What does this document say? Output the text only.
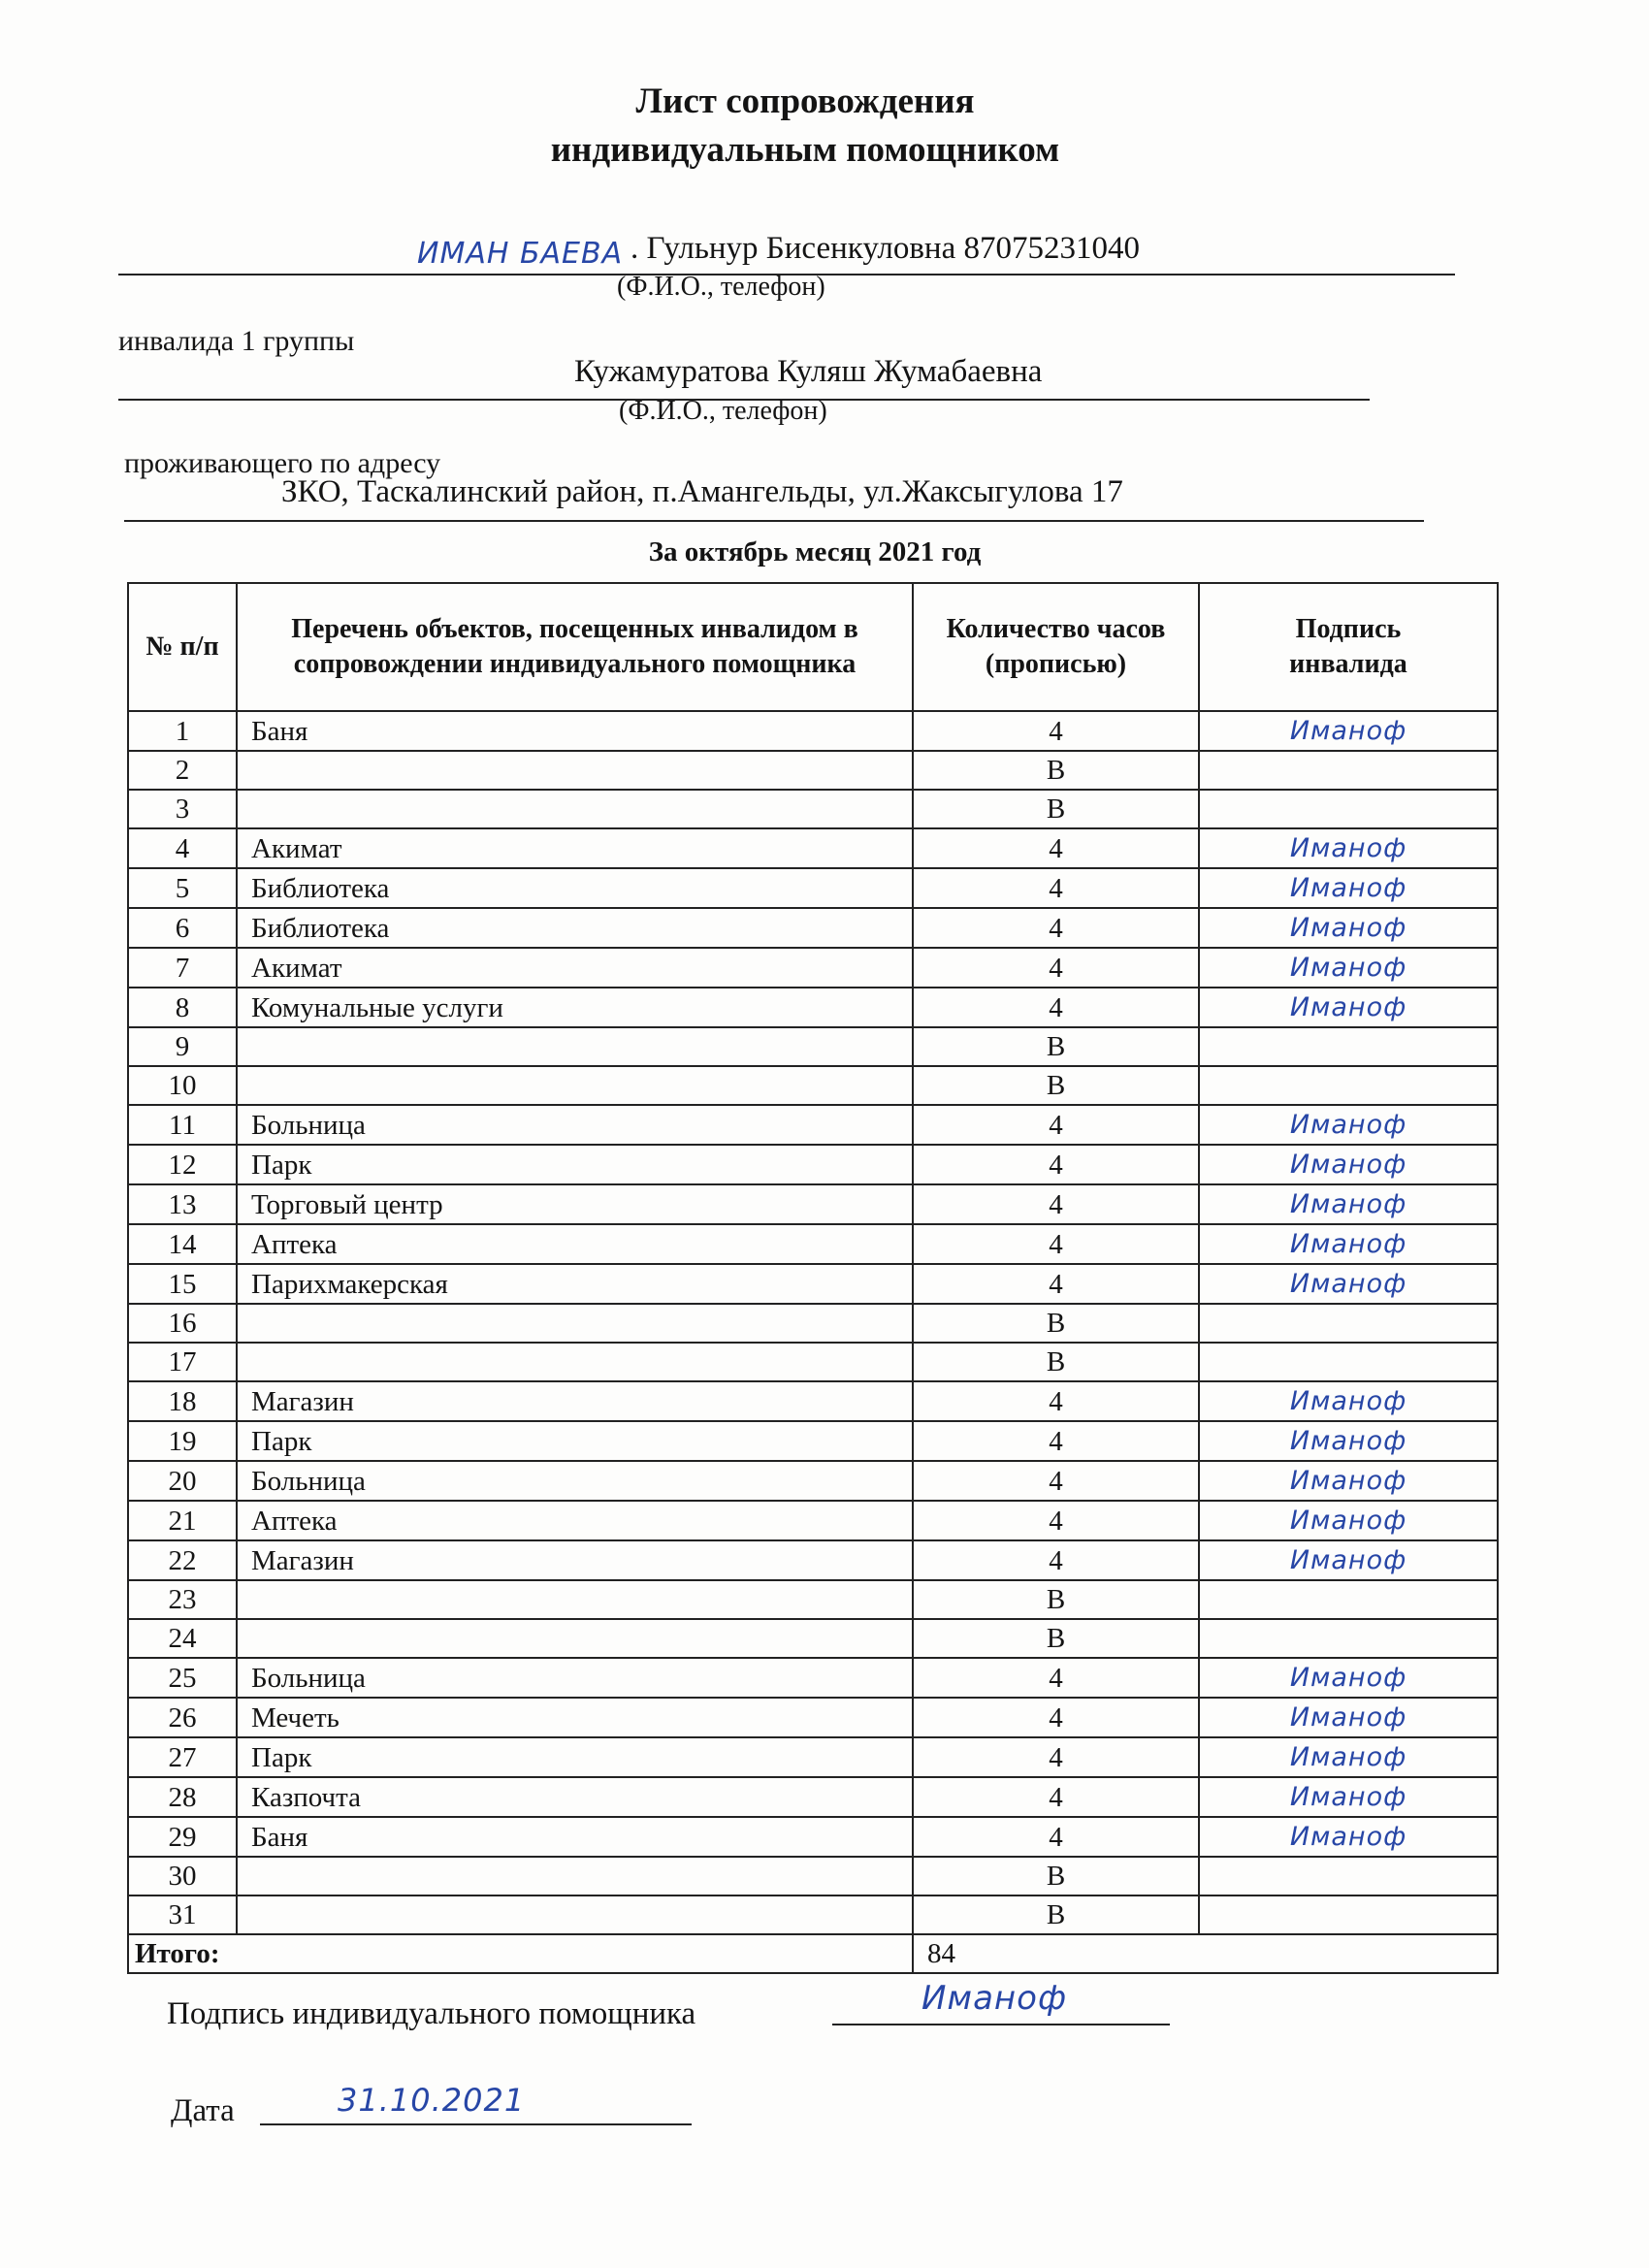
Лист сопровождения
индивидуальным помощником
ИМАН БАЕВА . Гульнур Бисенкуловна 87075231040
(Ф.И.О., телефон)
инвалида 1 группы
Кужамуратова Куляш Жумабаевна
(Ф.И.О., телефон)
проживающего по адресу
ЗКО, Таскалинский район, п.Амангельды, ул.Жаксыгулова 17
За октябрь месяц 2021 год
№ п/п	Перечень объектов, посещенных инвалидом в сопровождении индивидуального помощника	Количество часов (прописью)	Подпись инвалида
1	Баня	4	Иманоф
2		В	
3		В	
4	Акимат	4	Иманоф
5	Библиотека	4	Иманоф
6	Библиотека	4	Иманоф
7	Акимат	4	Иманоф
8	Комунальные услуги	4	Иманоф
9		В	
10		В	
11	Больница	4	Иманоф
12	Парк	4	Иманоф
13	Торговый центр	4	Иманоф
14	Аптека	4	Иманоф
15	Парихмакерская	4	Иманоф
16		В	
17		В	
18	Магазин	4	Иманоф
19	Парк	4	Иманоф
20	Больница	4	Иманоф
21	Аптека	4	Иманоф
22	Магазин	4	Иманоф
23		В	
24		В	
25	Больница	4	Иманоф
26	Мечеть	4	Иманоф
27	Парк	4	Иманоф
28	Казпочта	4	Иманоф
29	Баня	4	Иманоф
30		В	
31		В	
Итого:		84	
Подпись индивидуального помощника	Иманоф
Дата	31.10.2021
